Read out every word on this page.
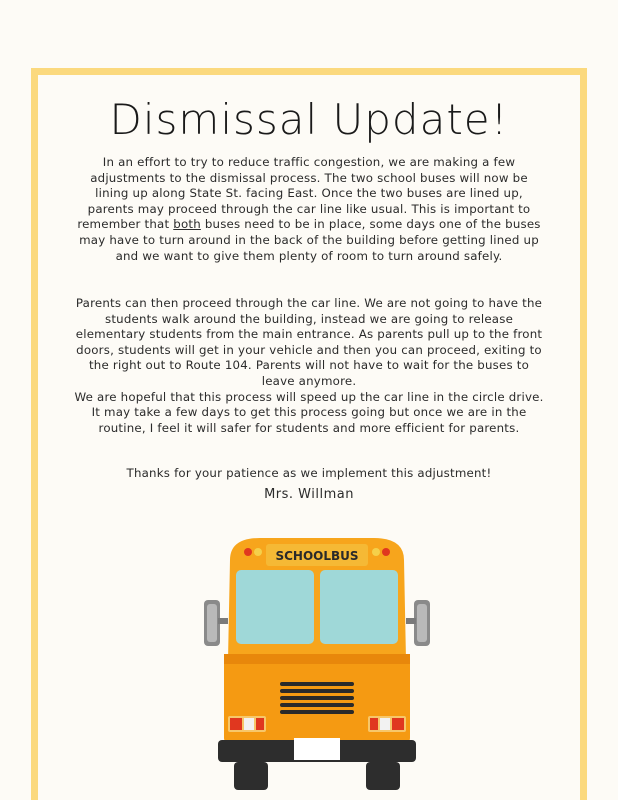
Dismissal Update!
In an effort to try to reduce traffic congestion, we are making a few adjustments to the dismissal process. The two school buses will now be lining up along State St. facing East. Once the two buses are lined up, parents may proceed through the car line like usual. This is important to remember that both buses need to be in place, some days one of the buses may have to turn around in the back of the building before getting lined up and we want to give them plenty of room to turn around safely.
Parents can then proceed through the car line. We are not going to have the students walk around the building, instead we are going to release elementary students from the main entrance. As parents pull up to the front doors, students will get in your vehicle and then you can proceed, exiting to the right out to Route 104. Parents will not have to wait for the buses to leave anymore.
We are hopeful that this process will speed up the car line in the circle drive. It may take a few days to get this process going but once we are in the routine, I feel it will safer for students and more efficient for parents.
Thanks for your patience as we implement this adjustment!
Mrs. Willman
SCHOOLBUS
